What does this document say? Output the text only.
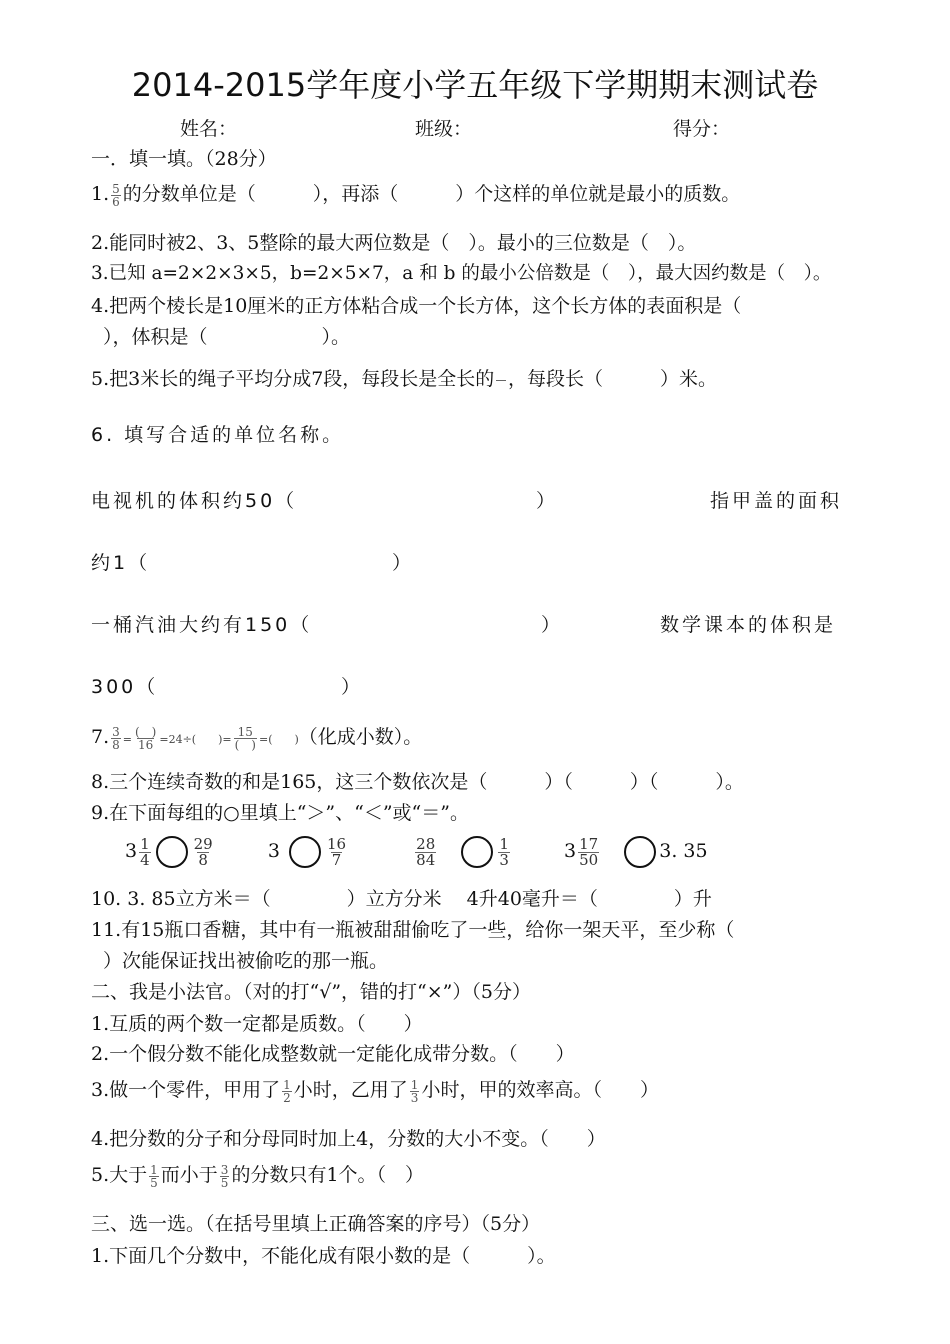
2014-2015学年度小学五年级下学期期末测试卷
姓名：	班级：	得分：
一．填一填。（28分）
1. $\frac{5}{6}$ 的分数单位是（　　　），再添（　　　）个这样的单位就是最小的质数。
2.能同时被2、3、5整除的最大两位数是（　）。最小的三位数是（　）。
3.已知 a=2×2×3×5，b=2×5×7，a 和 b 的最小公倍数是（　），最大因约数是（　）。
4.把两个棱长是10厘米的正方体粘合成一个长方体，这个长方体的表面积是（
），体积是（　　　　　　）。
5.把3米长的绳子平均分成7段，每段长是全长的

，每段长（　　　）米。
6. 填写合适的单位名称。
电视机的体积约50（	）	指甲盖的面积
约1（	）
一桶汽油大约有150（	）	数学课本的体积是
300（	）
7. $\frac{3}{8} = \frac{( )}{16} =24\div$(　　)= $\frac{15}{( )}$ =(　　)（化成小数）。
8.三个连续奇数的和是165，这三个数依次是（　　　）（　　　）（　　　）。
9.在下面每组的○里填上“＞”、“＜”或“＝”。
$3 \frac{1}{4}$	$\frac{29}{8}$	3	$\frac{16}{7}$
	$\frac{28}{84}$
	$\frac{1}{3}$	$3 \frac{17}{50}$	3. 35
10. 3. 85立方米＝（　　　　）立方分米　 4升40毫升＝（　　　　）升
11.有15瓶口香糖，其中有一瓶被甜甜偷吃了一些，给你一架天平，至少称（
）次能保证找出被偷吃的那一瓶。
二、我是小法官。（对的打“√”，错的打“×”）（5分）
1.互质的两个数一定都是质数。（　　）
2.一个假分数不能化成整数就一定能化成带分数。（　　）
3.做一个零件，甲用了 $\frac{1}{2}$ 小时，乙用了 $\frac{1}{3}$ 小时，甲的效率高。（　　）
4.把分数的分子和分母同时加上4，分数的大小不变。（　　）
5.大于 $\frac{1}{5}$ 而小于 $\frac{3}{5}$ 的分数只有1个。（　）
三、选一选。（在括号里填上正确答案的序号）（5分）
1.下面几个分数中，不能化成有限小数的是（　　　）。
